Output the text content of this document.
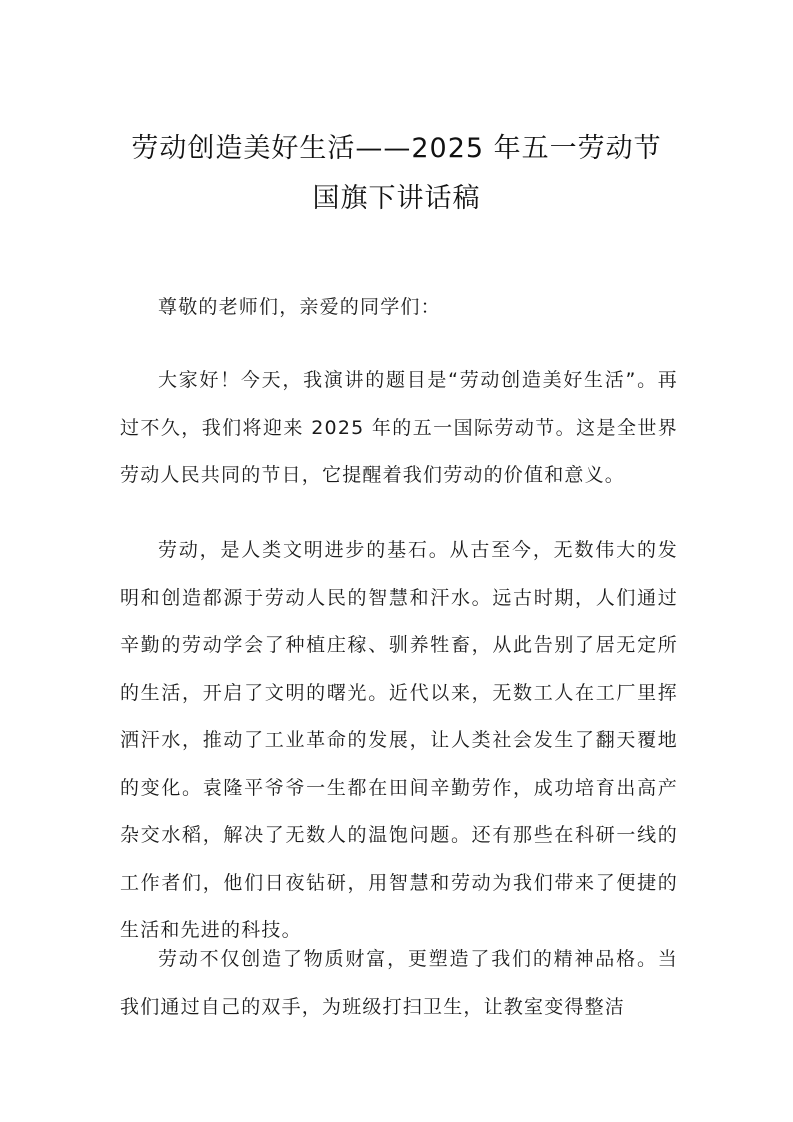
劳动创造美好生活——2025 年五一劳动节
国旗下讲话稿

尊敬的老师们，亲爱的同学们：

大家好！今天，我演讲的题目是“劳动创造美好生活”。再过不久，我们将迎来 2025 年的五一国际劳动节。这是全世界劳动人民共同的节日，它提醒着我们劳动的价值和意义。

劳动，是人类文明进步的基石。从古至今，无数伟大的发明和创造都源于劳动人民的智慧和汗水。远古时期，人们通过辛勤的劳动学会了种植庄稼、驯养牲畜，从此告别了居无定所的生活，开启了文明的曙光。近代以来，无数工人在工厂里挥洒汗水，推动了工业革命的发展，让人类社会发生了翻天覆地的变化。袁隆平爷爷一生都在田间辛勤劳作，成功培育出高产杂交水稻，解决了无数人的温饱问题。还有那些在科研一线的工作者们，他们日夜钻研，用智慧和劳动为我们带来了便捷的生活和先进的科技。

劳动不仅创造了物质财富，更塑造了我们的精神品格。当我们通过自己的双手，为班级打扫卫生，让教室变得整洁
